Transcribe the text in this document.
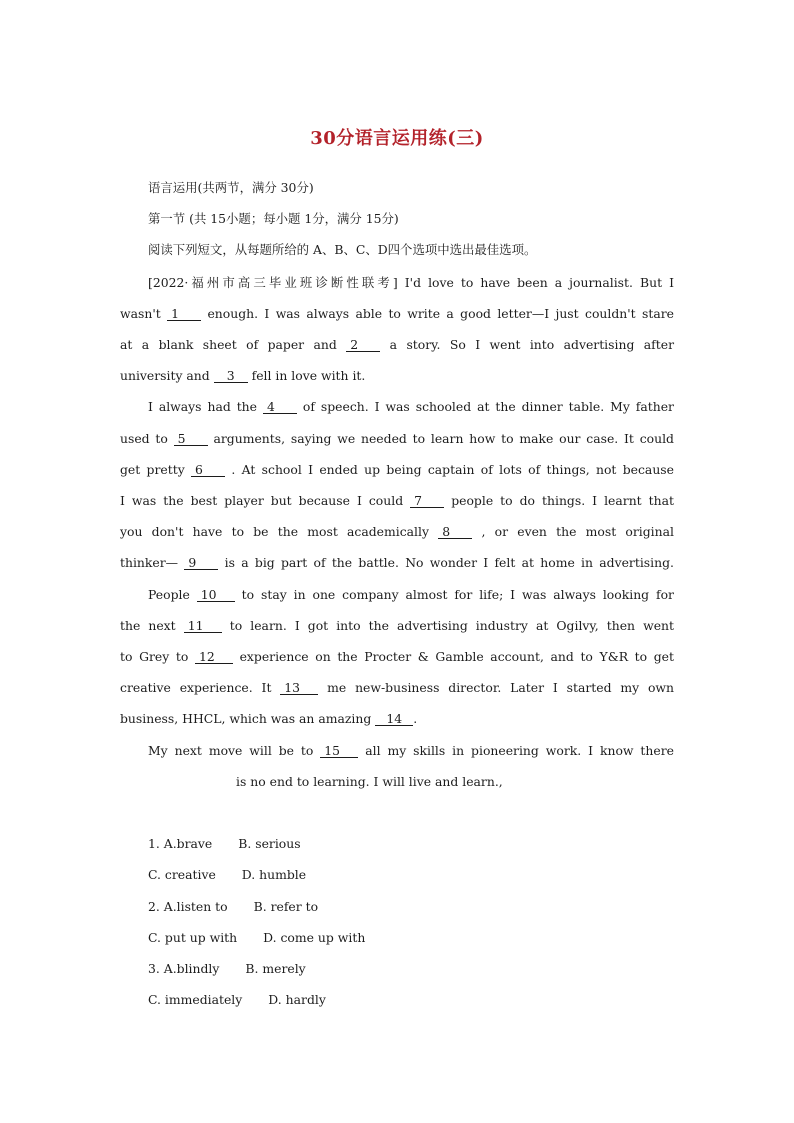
30分语言运用练(三)
语言运用(共两节，满分 30分)
第一节 (共 15小题；每小题 1分，满分 15分)
阅读下列短文，从每题所给的 A、B、C、D四个选项中选出最佳选项。
[2022·福州市高三毕业班诊断性联考] I'd love to have been a journalist. But I
wasn't 1 enough. I was always able to write a good letter—I just couldn't stare
at a blank sheet of paper and 2	a story. So I went into advertising after
university and 3 fell in love with it.
I always had the 4 of speech. I was schooled at the dinner table. My father
used to 5 arguments, saying we needed to learn how to make our case. It could
get pretty 6 . At school I ended up being captain of lots of things, not because
I was the best player but because I could 7 people to do things. I learnt that
you don't have to be the most academically 8	, or even the most original
thinker— 9 is a big part of the battle. No wonder I felt at home in advertising.
People 10 to stay in one company almost for life; I was always looking for
the next 11 to learn. I got into the advertising industry at Ogilvy, then went
to Grey to 12 experience on the Procter & Gamble account, and to Y&R to get
creative experience. It 13 me new-business director. Later I started my own
business, HHCL, which was an amazing 14 .
My next move will be to 15 all my skills in pioneering work. I know there
is no end to learning. I will live and learn.,
1. A.brave B. serious
C. creative D. humble
2. A.listen to B. refer to
C. put up with D. come up with
3. A.blindly B. merely
C. immediately D. hardly
